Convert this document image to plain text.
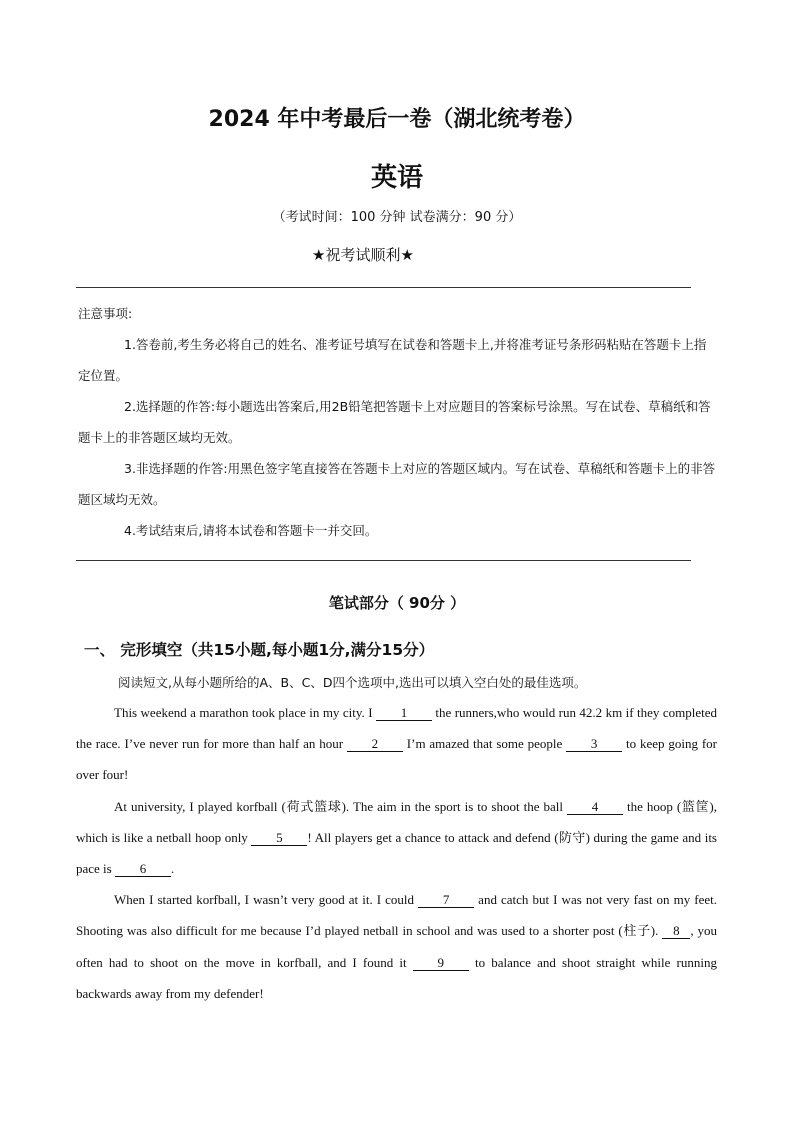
2024 年中考最后一卷（湖北统考卷）
英语
（考试时间：100 分钟 试卷满分：90 分）
★祝考试顺利★

注意事项:

1.答卷前,考生务必将自己的姓名、准考证号填写在试卷和答题卡上,并将准考证号条形码粘贴在答题卡上指定位置。

2.选择题的作答:每小题选出答案后,用2B铅笔把答题卡上对应题目的答案标号涂黑。写在试卷、草稿纸和答题卡上的非答题区域均无效。

3.非选择题的作答:用黑色签字笔直接答在答题卡上对应的答题区域内。写在试卷、草稿纸和答题卡上的非答题区域均无效。

4.考试结束后,请将本试卷和答题卡一并交回。

笔试部分（ 90分 ）
一、 完形填空（共15小题,每小题1分,满分15分）
阅读短文,从每小题所给的A、B、C、D四个选项中,选出可以填入空白处的最佳选项。

This weekend a marathon took place in my city. I 1 the runners,who would run 42.2 km if they completed the race. I’ve never run for more than half an hour 2 I’m amazed that some people 3 to keep going for over four!

At university, I played korfball (荷式篮球). The aim in the sport is to shoot the ball 4 the hoop (篮筐), which is like a netball hoop only 5 ! All players get a chance to attack and defend (防守) during the game and its pace is 6 .

When I started korfball, I wasn’t very good at it. I could 7 and catch but I was not very fast on my feet. Shooting was also difficult for me because I’d played netball in school and was used to a shorter post (柱子). 8 , you often had to shoot on the move in korfball, and I found it 9 to balance and shoot straight while running backwards away from my defender!
